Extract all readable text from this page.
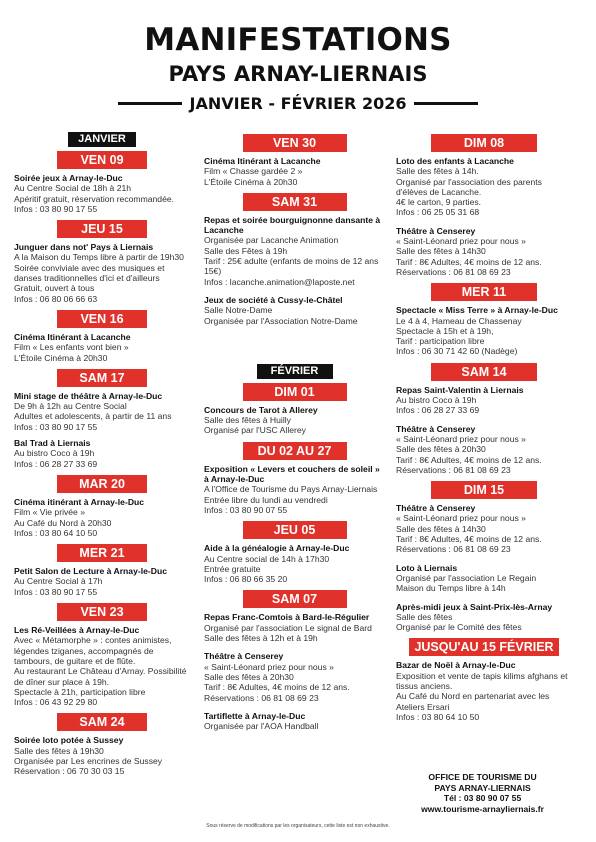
MANIFESTATIONS
PAYS ARNAY-LIERNAIS
JANVIER - FÉVRIER 2026
JANVIER
VEN 09
Soirée jeux à Arnay-le-Duc
Au Centre Social de 18h à 21h
Apéritif gratuit, réservation recommandée.
Infos : 03 80 90 17 55
JEU 15
Junguer dans not' Pays à Liernais
A la Maison du Temps libre à partir de 19h30
Soirée conviviale avec des musiques et danses traditionnelles d'ici et d'ailleurs
Gratuit, ouvert à tous
Infos : 06 80 06 66 63
VEN 16
Cinéma Itinérant à Lacanche
Film « Les enfants vont bien »
L'Étoile Cinéma à 20h30
SAM 17
Mini stage de théâtre à Arnay-le-Duc
De 9h à 12h au Centre Social
Adultes et adolescents, à partir de 11 ans
Infos : 03 80 90 17 55
Bal Trad à Liernais
Au bistro Coco à 19h
Infos : 06 28 27 33 69
MAR 20
Cinéma itinérant à Arnay-le-Duc
Film « Vie privée »
Au Café du Nord à 20h30
Infos : 03 80 64 10 50
MER 21
Petit Salon de Lecture à Arnay-le-Duc
Au Centre Social à 17h
Infos : 03 80 90 17 55
VEN 23
Les Ré-Veillées à Arnay-le-Duc
Avec « Métamorphe » : contes animistes, légendes tziganes, accompagnés de tambours, de guitare et de flûte.
Au restaurant Le Château d'Arnay. Possibilité de dîner sur place à 19h.
Spectacle à 21h, participation libre
Infos : 06 43 92 29 80
SAM 24
Soirée loto potée à Sussey
Salle des fêtes à 19h30
Organisée par Les encrines de Sussey
Réservation : 06 70 30 03 15
VEN 30
Cinéma Itinérant à Lacanche
Film « Chasse gardée 2 »
L'Étoile Cinéma à 20h30
SAM 31
Repas et soirée bourguignonne dansante à Lacanche
Organisée par Lacanche Animation
Salle des Fêtes à 19h
Tarif : 25€ adulte (enfants de moins de 12 ans 15€)
Infos : lacanche.animation@laposte.net
Jeux de société à Cussy-le-Châtel
Salle Notre-Dame
Organisée par l'Association Notre-Dame
FÉVRIER
DIM 01
Concours de Tarot à Allerey
Salle des fêtes à Huilly
Organisé par l'USC Allerey
DU 02 AU 27
Exposition « Levers et couchers de soleil » à Arnay-le-Duc
A l'Office de Tourisme du Pays Arnay-Liernais
Entrée libre du lundi au vendredi
Infos : 03 80 90 07 55
JEU 05
Aide à la généalogie à Arnay-le-Duc
Au Centre social de 14h à 17h30
Entrée gratuite
Infos : 06 80 66 35 20
SAM 07
Repas Franc-Comtois à Bard-le-Régulier
Organisé par l'association Le signal de Bard
Salle des fêtes à 12h et à 19h
Théâtre à Censerey
« Saint-Léonard priez pour nous »
Salle des fêtes à 20h30
Tarif : 8€ Adultes, 4€ moins de 12 ans.
Réservations : 06 81 08 69 23
Tartiflette à Arnay-le-Duc
Organisée par l'AOA Handball
DIM 08
Loto des enfants à Lacanche
Salle des fêtes à 14h.
Organisé par l'association des parents d'élèves de Lacanche.
4€ le carton, 9 parties.
Infos : 06 25 05 31 68
Théâtre à Censerey
« Saint-Léonard priez pour nous »
Salle des fêtes à 14h30
Tarif : 8€ Adultes, 4€ moins de 12 ans.
Réservations : 06 81 08 69 23
MER 11
Spectacle « Miss Terre » à Arnay-le-Duc
Le 4 à 4, Hameau de Chassenay
Spectacle à 15h et à 19h,
Tarif : participation libre
Infos : 06 30 71 42 60 (Nadège)
SAM 14
Repas Saint-Valentin à Liernais
Au bistro Coco à 19h
Infos : 06 28 27 33 69
Théâtre à Censerey
« Saint-Léonard priez pour nous »
Salle des fêtes à 20h30
Tarif : 8€ Adultes, 4€ moins de 12 ans.
Réservations : 06 81 08 69 23
DIM 15
Théâtre à Censerey
« Saint-Léonard priez pour nous »
Salle des fêtes à 14h30
Tarif : 8€ Adultes, 4€ moins de 12 ans.
Réservations : 06 81 08 69 23
Loto à Liernais
Organisé par l'association Le Regain
Maison du Temps libre à 14h
Après-midi jeux à Saint-Prix-lès-Arnay
Salle des fêtes
Organisé par le Comité des fêtes
JUSQU'AU 15 FÉVRIER
Bazar de Noël à Arnay-le-Duc
Exposition et vente de tapis kilims afghans et tissus anciens.
Au Café du Nord en partenariat avec les Ateliers Ersari
Infos : 03 80 64 10 50
OFFICE DE TOURISME DU
PAYS ARNAY-LIERNAIS
Tél : 03 80 90 07 55
www.tourisme-arnayliernais.fr
Sous réserve de modifications par les organisateurs, cette liste est non exhaustive.
